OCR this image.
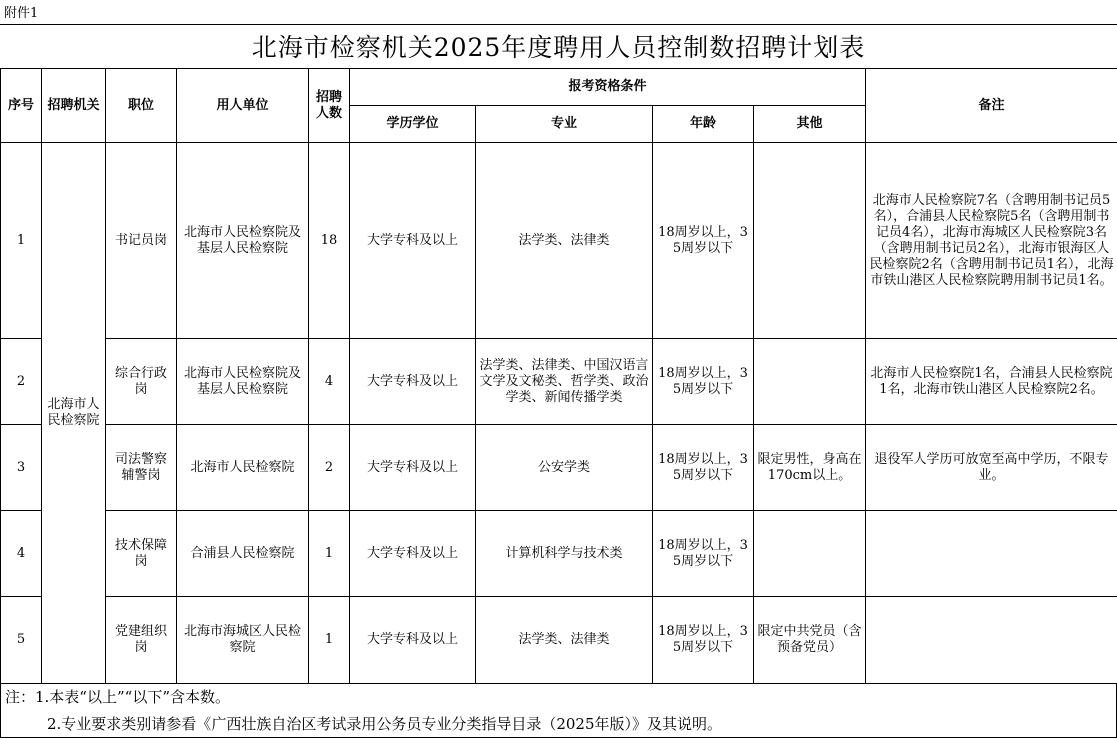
附件1
北海市检察机关2025年度聘用人员控制数招聘计划表
序号	招聘机关	职位	用人单位	招聘人数	报考资格条件				备注
					学历学位	专业	年龄	其他	
1	北海市人民检察院	书记员岗	北海市人民检察院及基层人民检察院	18	大学专科及以上	法学类、法律类	18周岁以上，35周岁以下		北海市人民检察院7名（含聘用制书记员5名），合浦县人民检察院5名（含聘用制书记员4名），北海市海城区人民检察院3名（含聘用制书记员2名），北海市银海区人民检察院2名（含聘用制书记员1名），北海市铁山港区人民检察院聘用制书记员1名。
2		综合行政岗	北海市人民检察院及基层人民检察院	4	大学专科及以上	法学类、法律类、中国汉语言文学及文秘类、哲学类、政治学类、新闻传播学类	18周岁以上，35周岁以下		北海市人民检察院1名，合浦县人民检察院1名，北海市铁山港区人民检察院2名。
3		司法警察辅警岗	北海市人民检察院	2	大学专科及以上	公安学类	18周岁以上，35周岁以下	限定男性，身高在170cm以上。	退役军人学历可放宽至高中学历，不限专业。
4		技术保障岗	合浦县人民检察院	1	大学专科及以上	计算机科学与技术类	18周岁以上，35周岁以下		
5		党建组织岗	北海市海城区人民检察院	1	大学专科及以上	法学类、法律类	18周岁以上，35周岁以下	限定中共党员（含预备党员）	
注：1.本表“以上”“以下”含本数。
2.专业要求类别请参看《广西壮族自治区考试录用公务员专业分类指导目录（2025年版）》及其说明。
